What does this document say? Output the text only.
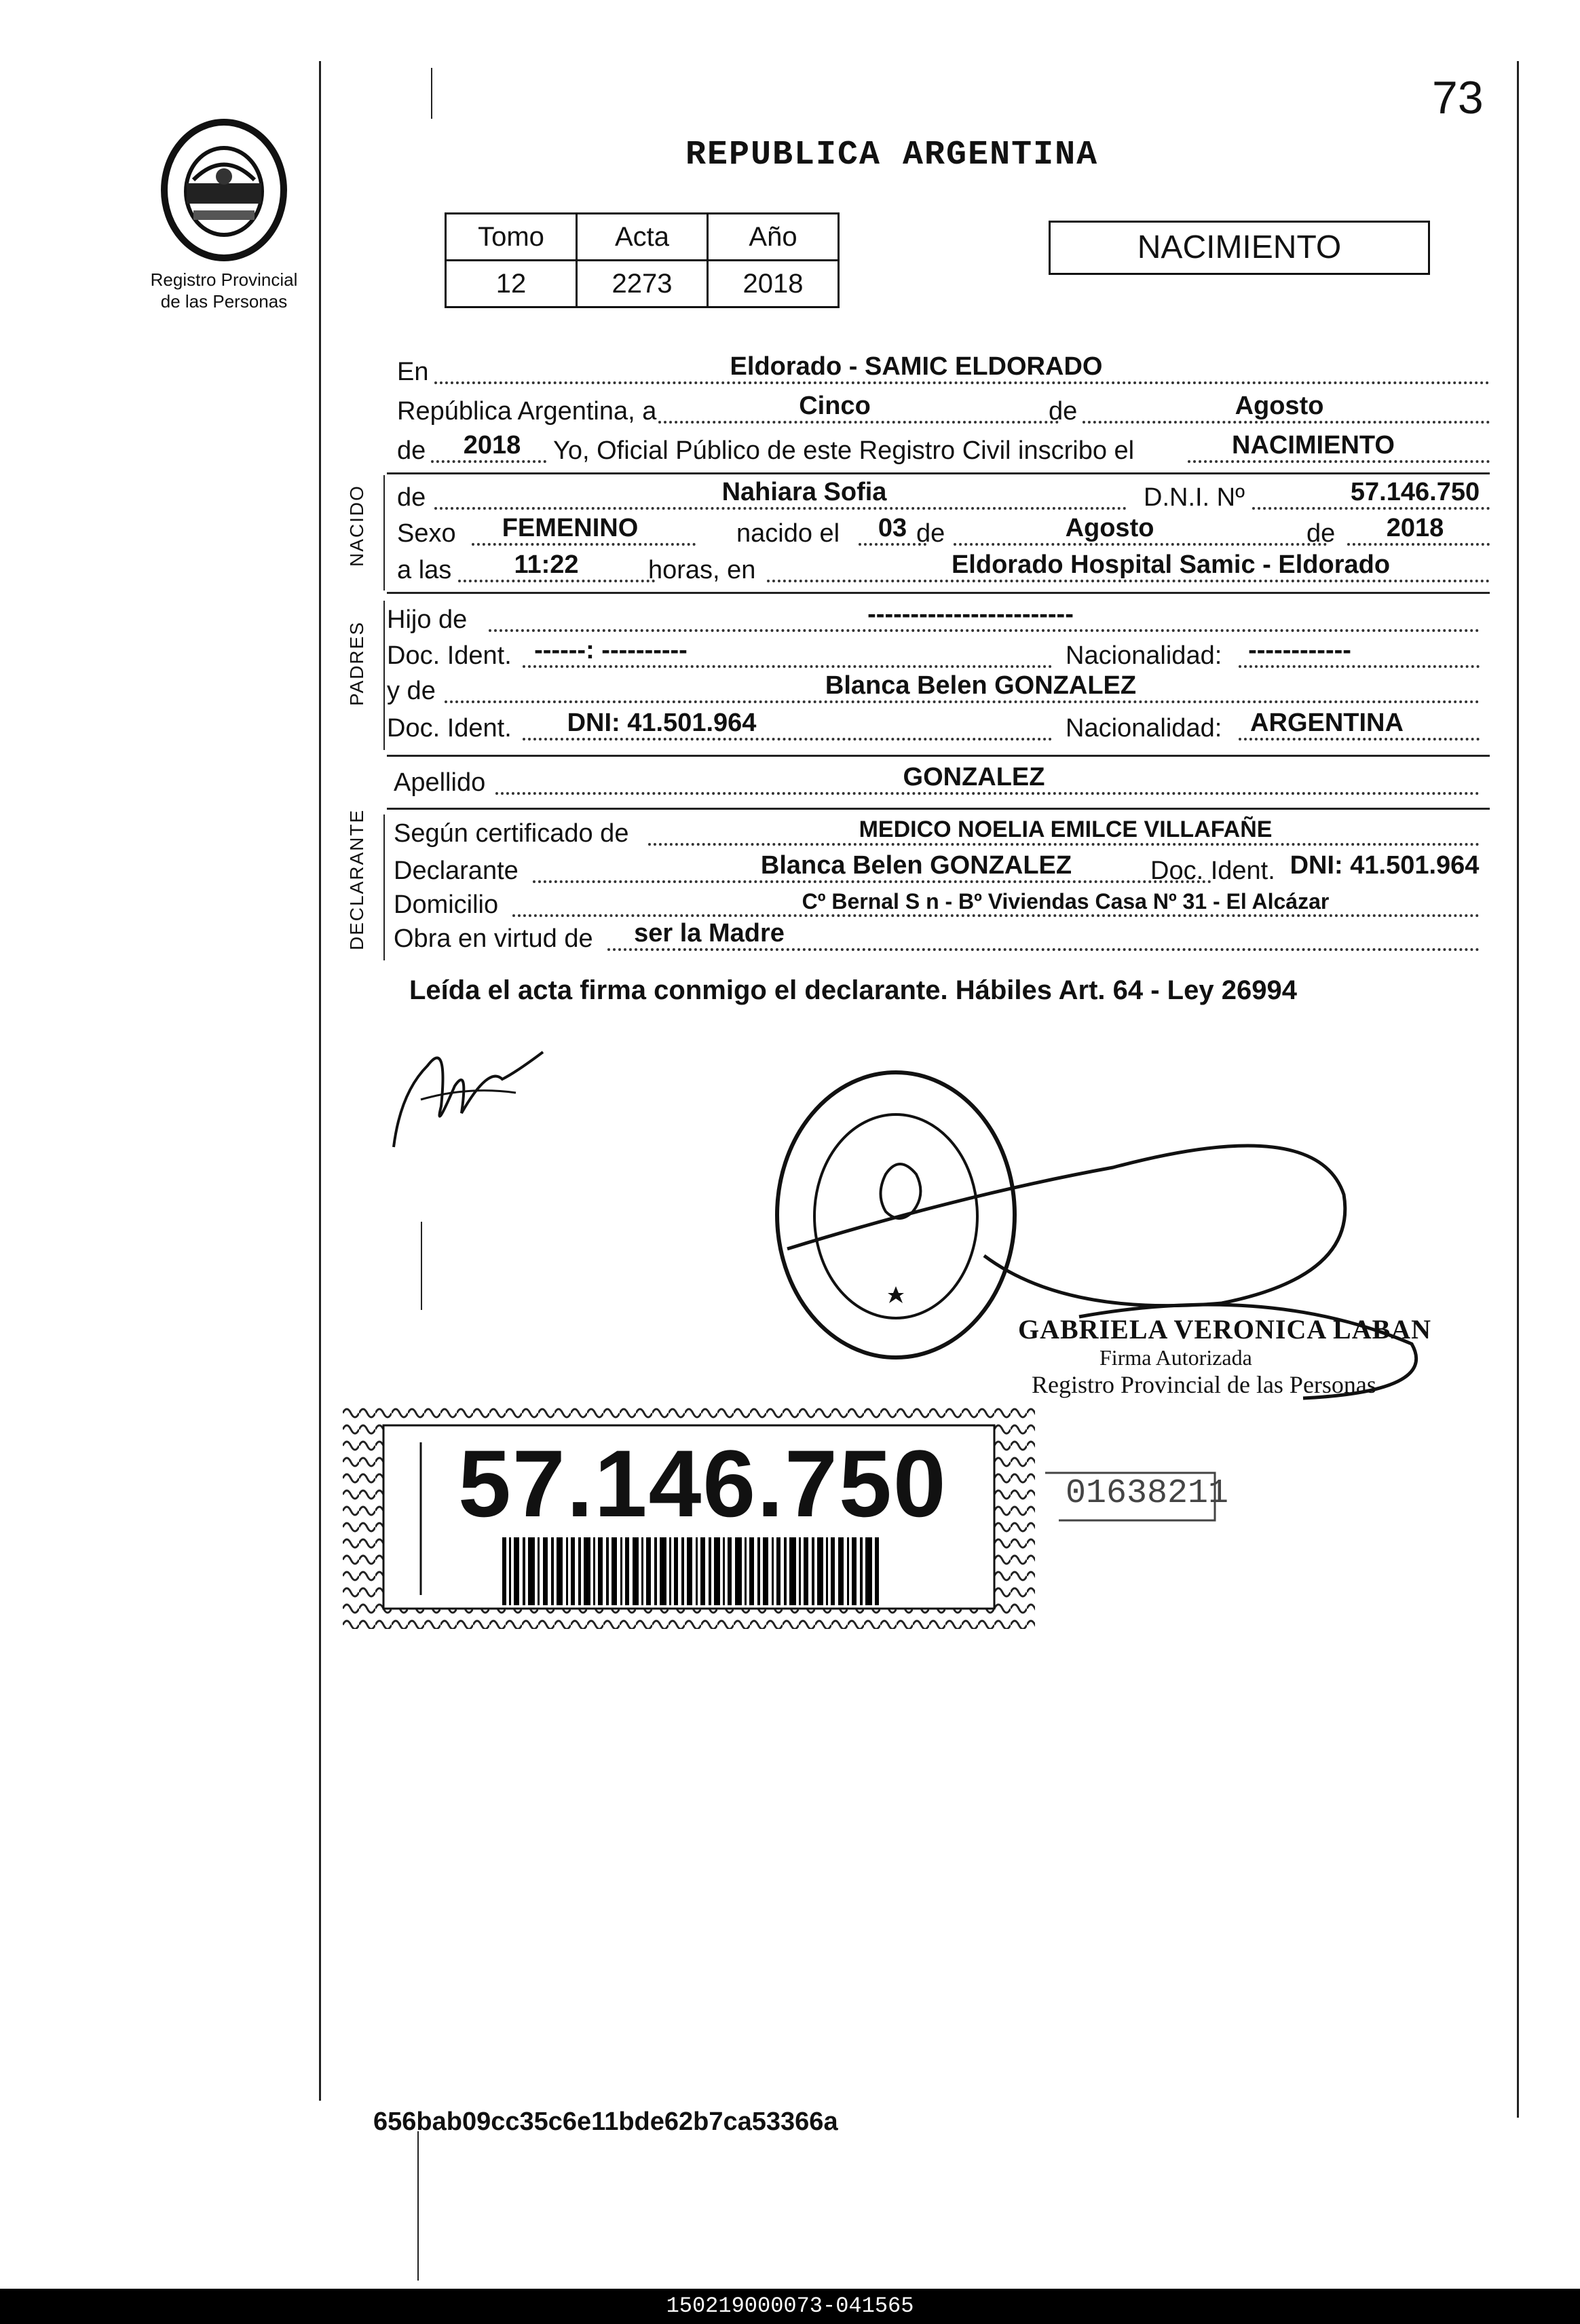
Registro Provincial
de las Personas
73
REPUBLICA ARGENTINA
Tomo	Acta	Año
12	2273	2018
NACIMIENTO
En	Eldorado - SAMIC ELDORADO
República Argentina, a	Cinco	de	Agosto
de 2018 Yo, Oficial Público de este Registro Civil inscribo el	NACIMIENTO
NACIDO de	Nahiara Sofia	D.N.I. Nº	57.146.750
Sexo FEMENINO	nacido el 03 de	Agosto	de 2018
a las 11:22	horas, en	Eldorado Hospital Samic - Eldorado
PADRES
Hijo de	------------------------
Doc. Ident. ------: ----------	Nacionalidad: ------------
y de	Blanca Belen GONZALEZ
Doc. Ident. DNI: 41.501.964	Nacionalidad: ARGENTINA
Apellido	GONZALEZ
DECLARANTE Según certificado de	MEDICO NOELIA EMILCE VILLAFAÑE
Declarante	Blanca Belen GONZALEZ	Doc. Ident. DNI: 41.501.964
Domicilio	Cº Bernal S n - Bº Viviendas Casa Nº 31 - El Alcázar
Obra en virtud de ser la Madre
Leída el acta firma conmigo el declarante. Hábiles Art. 64 - Ley 26994
GABRIELA VERONICA LABAN
Firma Autorizada
Registro Provincial de las Personas
57.146.750	01638211
656bab09cc35c6e11bde62b7ca53366a
150219000073-041565
